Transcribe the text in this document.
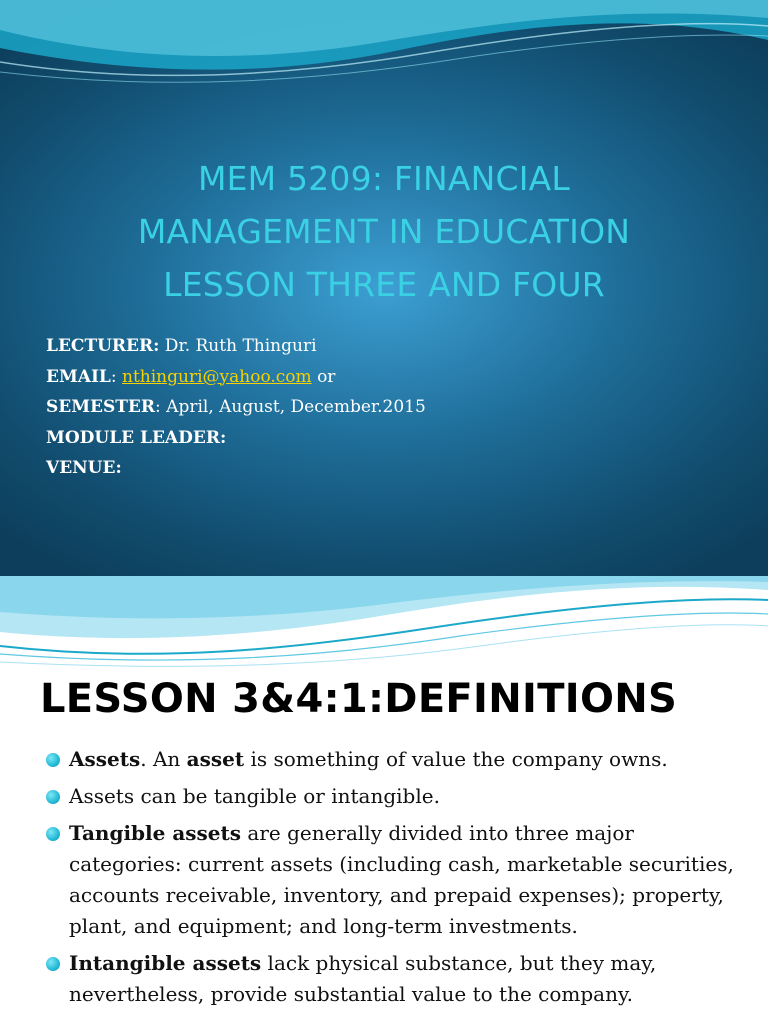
MEM 5209: FINANCIAL
MANAGEMENT IN EDUCATION
LESSON THREE AND FOUR
LECTURER: Dr. Ruth Thinguri
EMAIL: nthinguri@yahoo.com or
SEMESTER: April, August, December.2015
MODULE LEADER:
VENUE:
LESSON 3&4:1:DEFINITIONS
Assets. An asset is something of value the company owns.
Assets can be tangible or intangible.
Tangible assets are generally divided into three major categories: current assets (including cash, marketable securities, accounts receivable, inventory, and prepaid expenses); property, plant, and equipment; and long-term investments.
Intangible assets lack physical substance, but they may, nevertheless, provide substantial value to the company.
